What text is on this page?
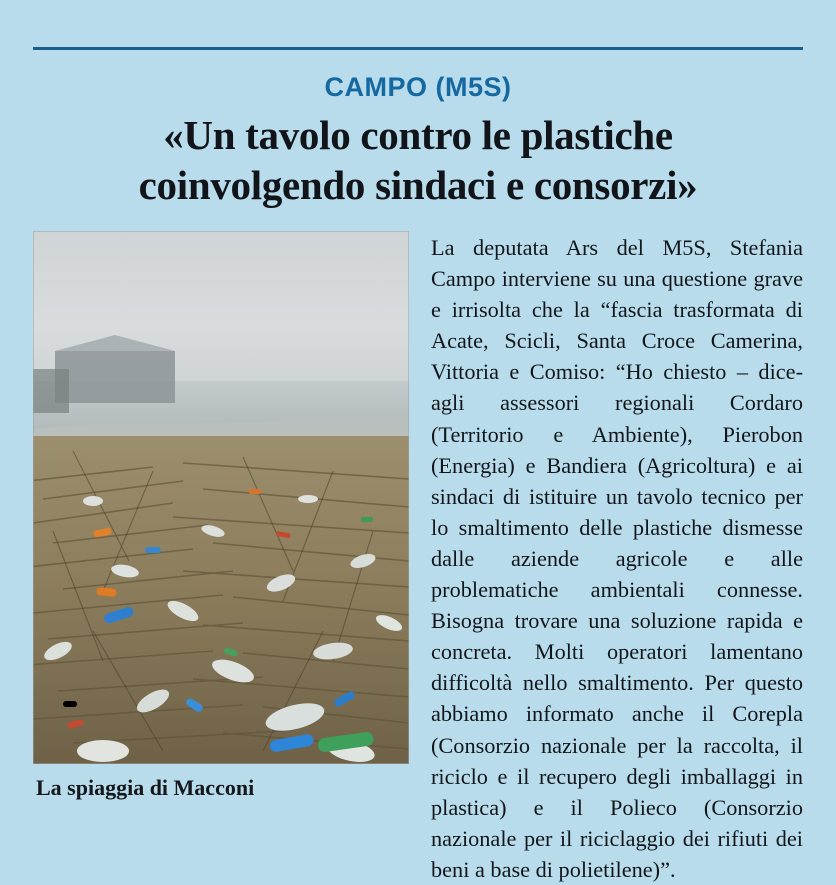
CAMPO (M5S)
«Un tavolo contro le plastiche
coinvolgendo sindaci e consorzi»
La spiaggia di Macconi
La deputata Ars del M5S, Stefania Campo interviene su una questione grave e irrisolta che la “fascia trasformata di Acate, Scicli, Santa Croce Camerina, Vittoria e Comiso: “Ho chiesto – dice- agli assessori regionali Cordaro (Territorio e Ambiente), Pierobon (Energia) e Bandiera (Agricoltura) e ai sindaci di istituire un tavolo tecnico per lo smaltimento delle plastiche dismesse dalle aziende agricole e alle problematiche ambientali connesse. Bisogna trovare una soluzione rapida e concreta. Molti operatori lamentano difficoltà nello smaltimento. Per questo abbiamo informato anche il Corepla (Consorzio nazionale per la raccolta, il riciclo e il recupero degli imballaggi in plastica) e il Polieco (Consorzio nazionale per il riciclaggio dei rifiuti dei beni a base di polietilene)”.
